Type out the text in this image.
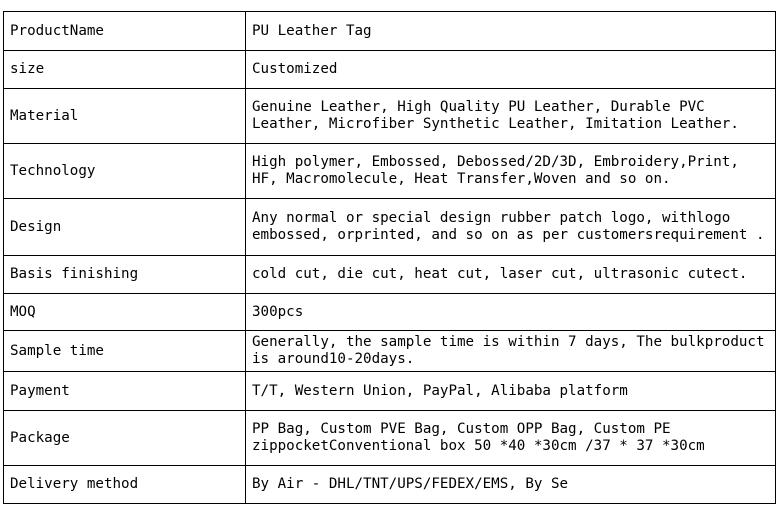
ProductName	PU Leather Tag
size	Customized
Material	Genuine Leather, High Quality PU Leather, Durable PVC Leather, Microfiber Synthetic Leather, Imitation Leather.
Technology	High polymer, Embossed, Debossed/2D/3D, Embroidery,Print, HF, Macromolecule, Heat Transfer,Woven and so on.
Design	Any normal or special design rubber patch logo, withlogo embossed, orprinted, and so on as per customersrequirement .
Basis finishing	cold cut, die cut, heat cut, laser cut, ultrasonic cutect.
MOQ	300pcs
Sample time	Generally, the sample time is within 7 days, The bulkproduct is around10-20days.
Payment	T/T, Western Union, PayPal, Alibaba platform
Package	PP Bag, Custom PVE Bag, Custom OPP Bag, Custom PE zippocketConventional box 50 *40 *30cm /37 * 37 *30cm
Delivery method	By Air - DHL/TNT/UPS/FEDEX/EMS, By Se
